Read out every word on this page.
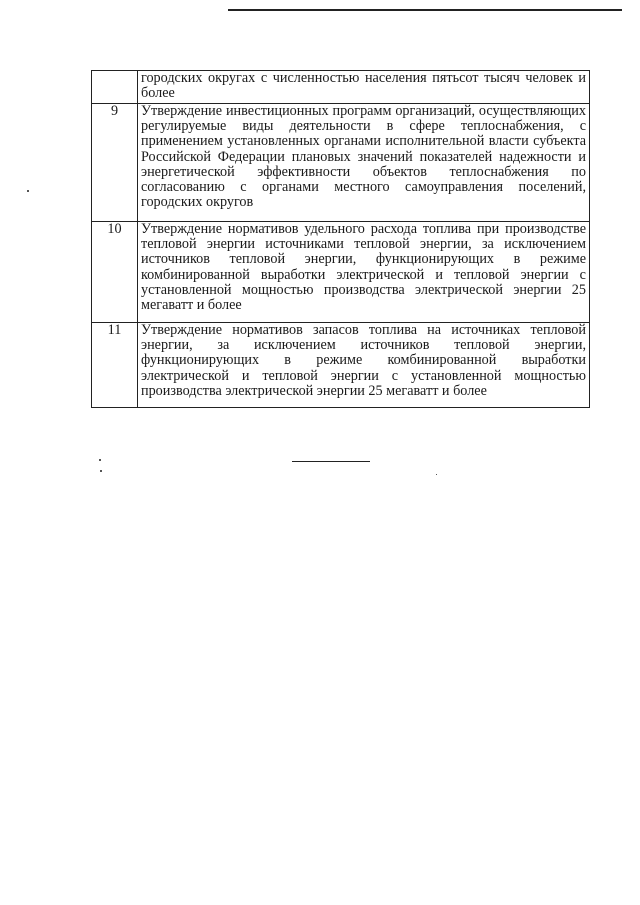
	городских округах с численностью населения пятьсот тысяч человек и более
9	Утверждение инвестиционных программ организаций, осуществляющих регулируемые виды деятельности в сфере теплоснабжения, с применением установленных органами исполнительной власти субъекта Российской Федерации плановых значений показателей надежности и энергетической эффективности объектов теплоснабжения по согласованию с органами местного самоуправления поселений, городских округов
10	Утверждение нормативов удельного расхода топлива при производстве тепловой энергии источниками тепловой энергии, за исключением источников тепловой энергии, функционирующих в режиме комбинированной выработки электрической и тепловой энергии с установленной мощностью производства электрической энергии 25 мегаватт и более
11	Утверждение нормативов запасов топлива на источниках тепловой энергии, за исключением источников тепловой энергии, функционирующих в режиме комбинированной выработки электрической и тепловой энергии с установленной мощностью производства электрической энергии 25 мегаватт и более
